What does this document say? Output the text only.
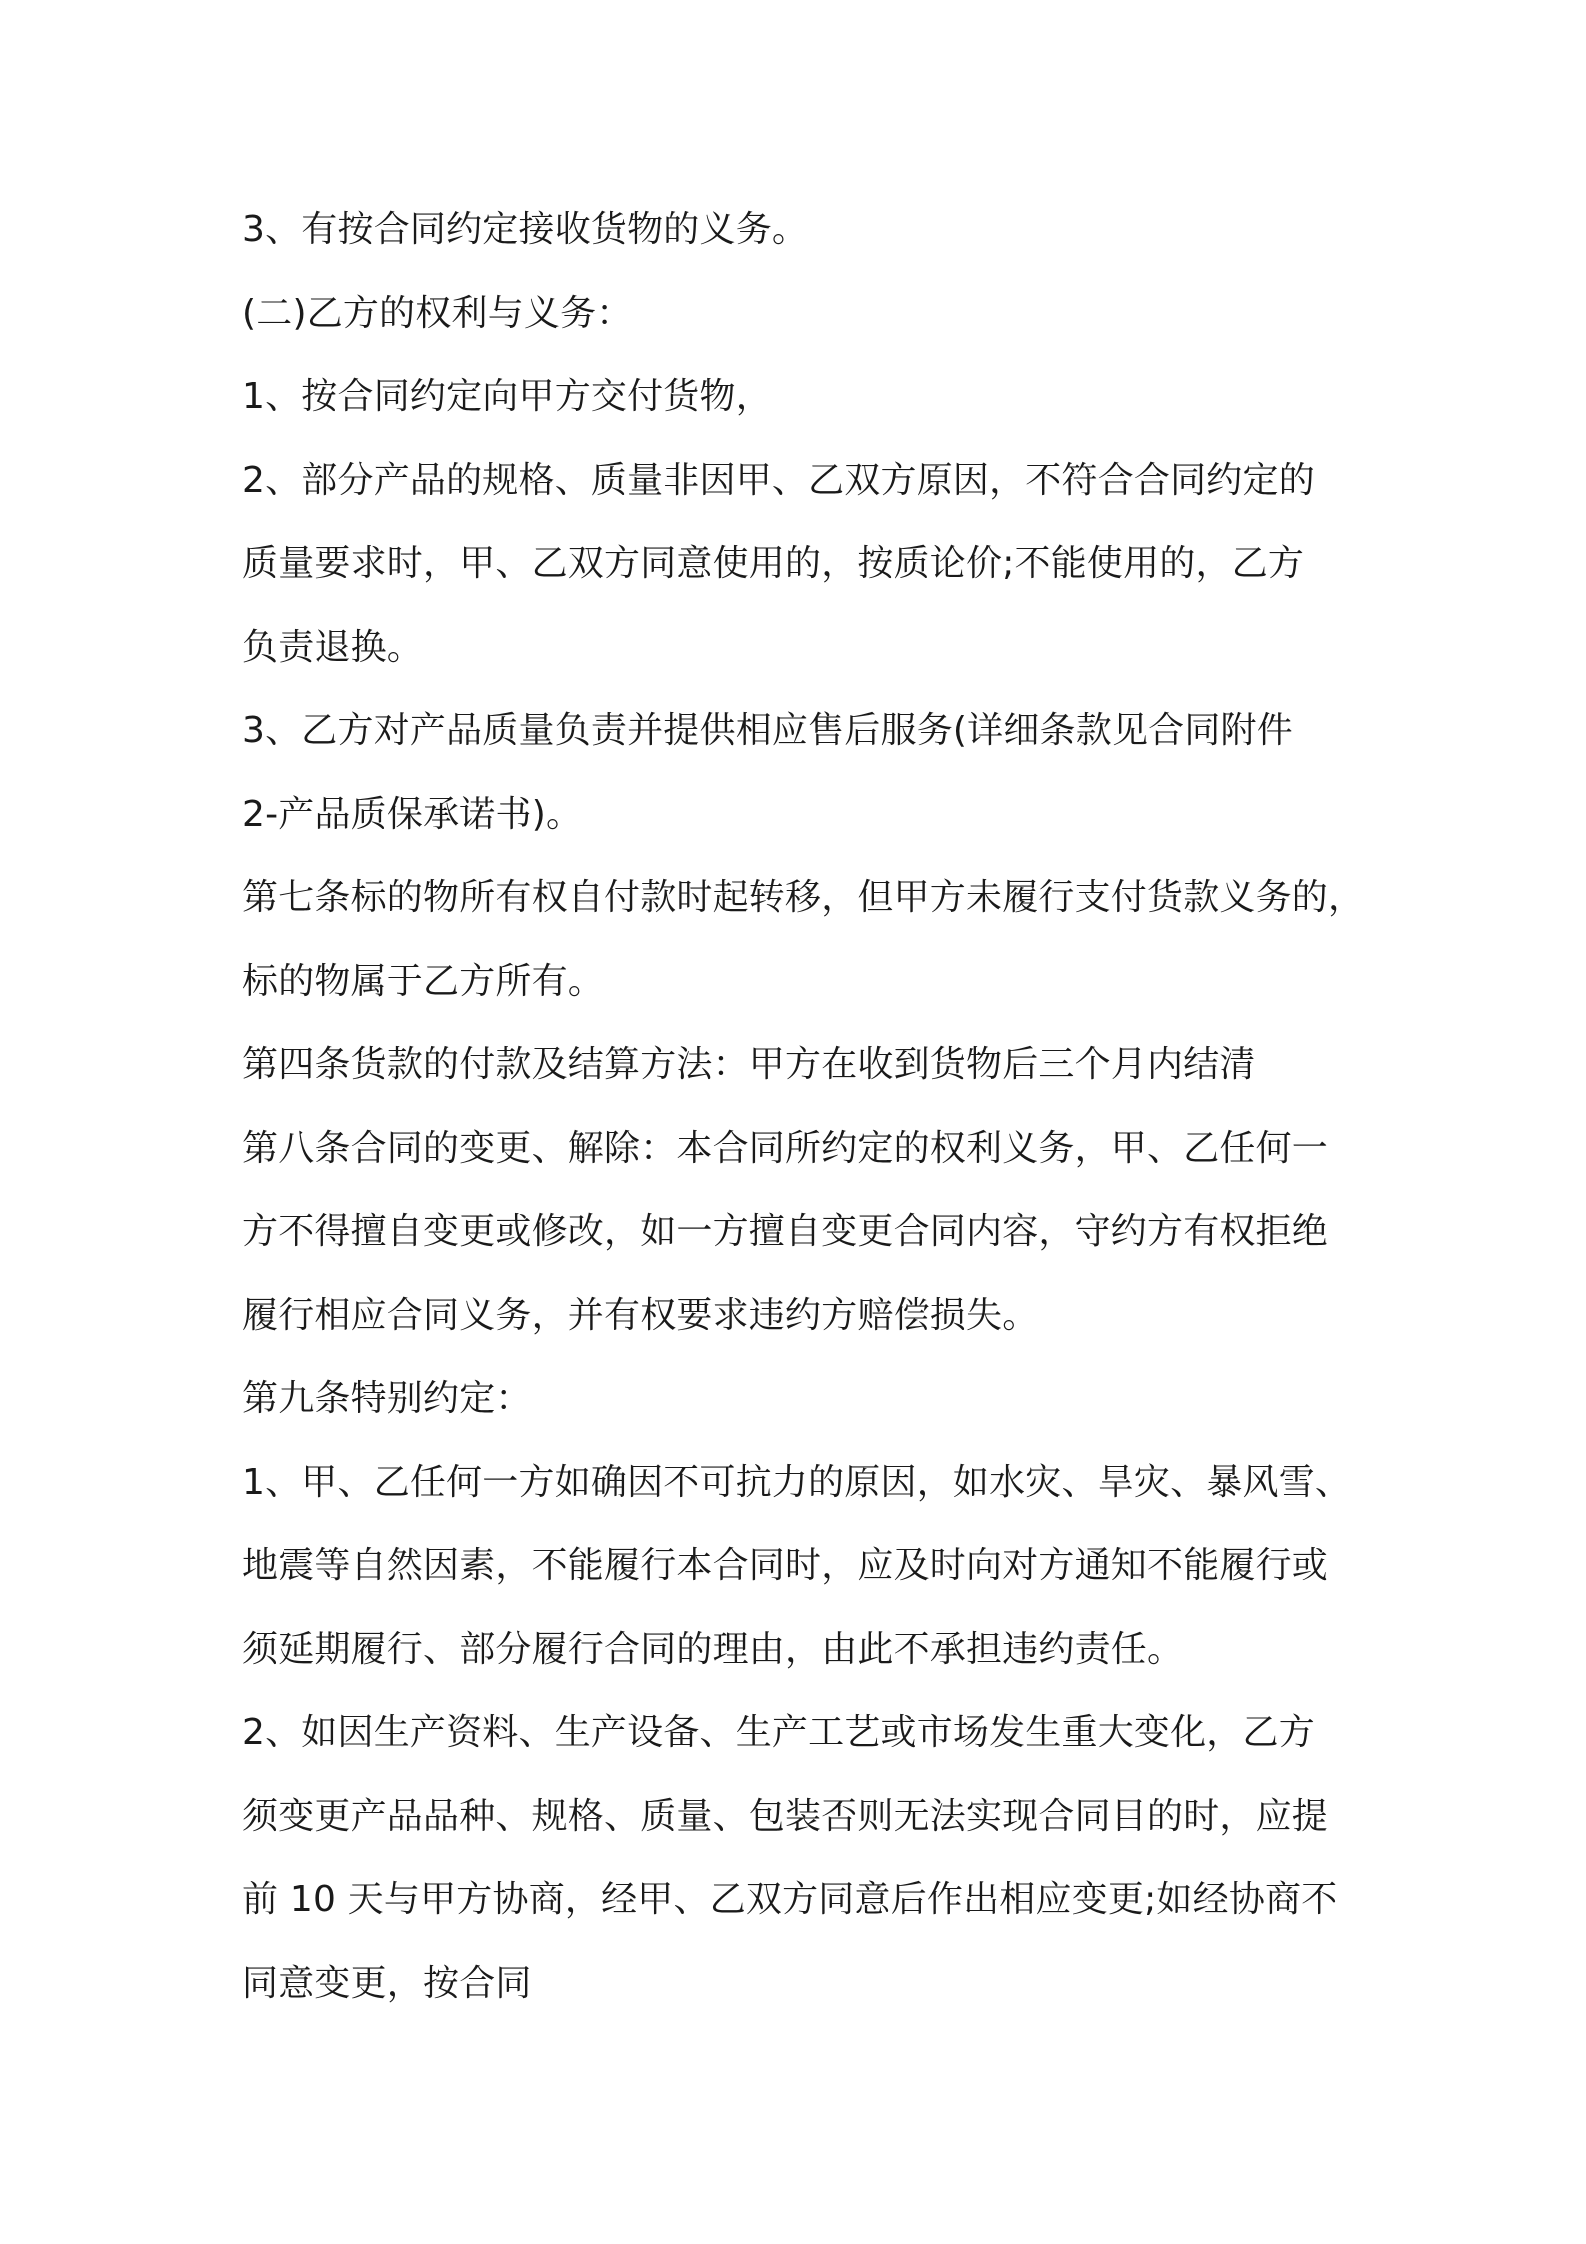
3、有按合同约定接收货物的义务。
(二)乙方的权利与义务：
1、按合同约定向甲方交付货物，
2、部分产品的规格、质量非因甲、乙双方原因，不符合合同约定的
质量要求时，甲、乙双方同意使用的，按质论价;不能使用的，乙方
负责退换。
3、乙方对产品质量负责并提供相应售后服务(详细条款见合同附件
2-产品质保承诺书)。
第七条标的物所有权自付款时起转移，但甲方未履行支付货款义务的，
标的物属于乙方所有。
第四条货款的付款及结算方法：甲方在收到货物后三个月内结清
第八条合同的变更、解除：本合同所约定的权利义务，甲、乙任何一
方不得擅自变更或修改，如一方擅自变更合同内容，守约方有权拒绝
履行相应合同义务，并有权要求违约方赔偿损失。
第九条特别约定：
1、甲、乙任何一方如确因不可抗力的原因，如水灾、旱灾、暴风雪、
地震等自然因素，不能履行本合同时，应及时向对方通知不能履行或
须延期履行、部分履行合同的理由，由此不承担违约责任。
2、如因生产资料、生产设备、生产工艺或市场发生重大变化，乙方
须变更产品品种、规格、质量、包装否则无法实现合同目的时，应提
前 10 天与甲方协商，经甲、乙双方同意后作出相应变更;如经协商不
同意变更，按合同
